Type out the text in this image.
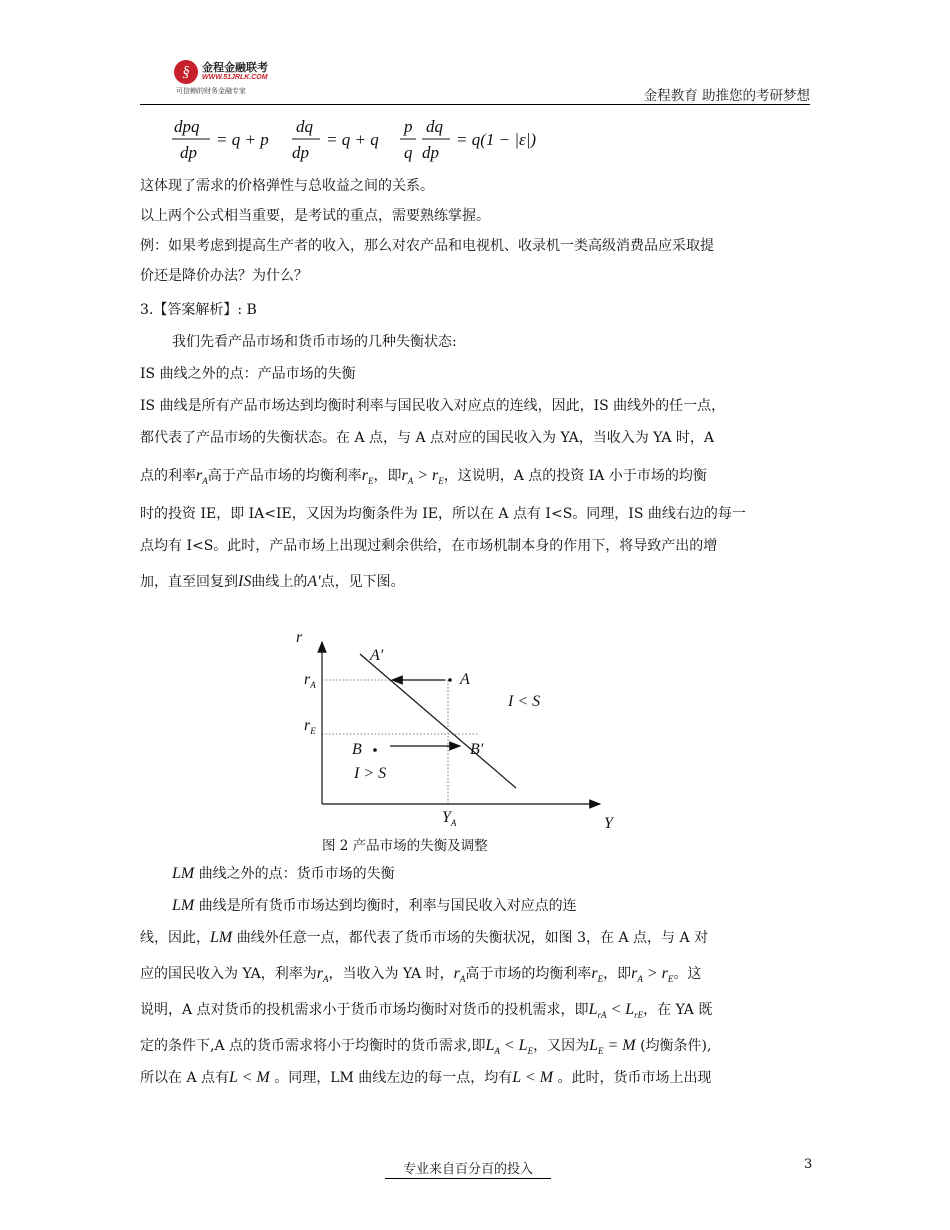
§	金程金融联考
WWW.51JRLK.COM
可信赖的财务金融专家	金程教育 助推您的考研梦想
dpq
dp
= q + p
dq
dp
= q + q
p
q
dq
dp
= q(1 − |ε|)
这体现了需求的价格弹性与总收益之间的关系。
以上两个公式相当重要，是考试的重点，需要熟练掌握。
例：如果考虑到提高生产者的收入，那么对农产品和电视机、收录机一类高级消费品应采取提
价还是降价办法？为什么？
3.【答案解析】: B
我们先看产品市场和货币市场的几种失衡状态:
IS 曲线之外的点：产品市场的失衡
IS 曲线是所有产品市场达到均衡时利率与国民收入对应点的连线，因此，IS 曲线外的任一点，
都代表了产品市场的失衡状态。在 A 点，与 A 点对应的国民收入为 YA，当收入为 YA 时，A
点的利率$r_A$高于产品市场的均衡利率$r_E$，即$r_A > r_E$，这说明，A 点的投资 IA 小于市场的均衡
时的投资 IE，即 IA<IE，又因为均衡条件为 IE，所以在 A 点有 I<S。同理，IS 曲线右边的每一
点均有 I<S。此时，产品市场上出现过剩余供给，在市场机制本身的作用下，将导致产出的增
加，直至回复到IS曲线上的A′点，见下图。
r
Y
$r_A$
$r_E$
$Y_A$
A′
A
B	B′
I < S
I > S
图 2 产品市场的失衡及调整
LM 曲线之外的点：货币市场的失衡
LM 曲线是所有货币市场达到均衡时，利率与国民收入对应点的连
线，因此，LM 曲线外任意一点，都代表了货币市场的失衡状况，如图 3，在 A 点，与 A 对
应的国民收入为 YA，利率为$r_A$，当收入为 YA 时，$r_A$高于市场的均衡利率$r_E$，即$r_A > r_E$。这
说明，A 点对货币的投机需求小于货币市场均衡时对货币的投机需求，即$L_{rA} < L_{rE}$，在 YA 既
定的条件下,A 点的货币需求将小于均衡时的货币需求,即$L_A < L_E$，又因为$L_E = M$ (均衡条件),
所以在 A 点有L < M 。同理，LM 曲线左边的每一点，均有L < M 。此时，货币市场上出现
专业来自百分百的投入	3
